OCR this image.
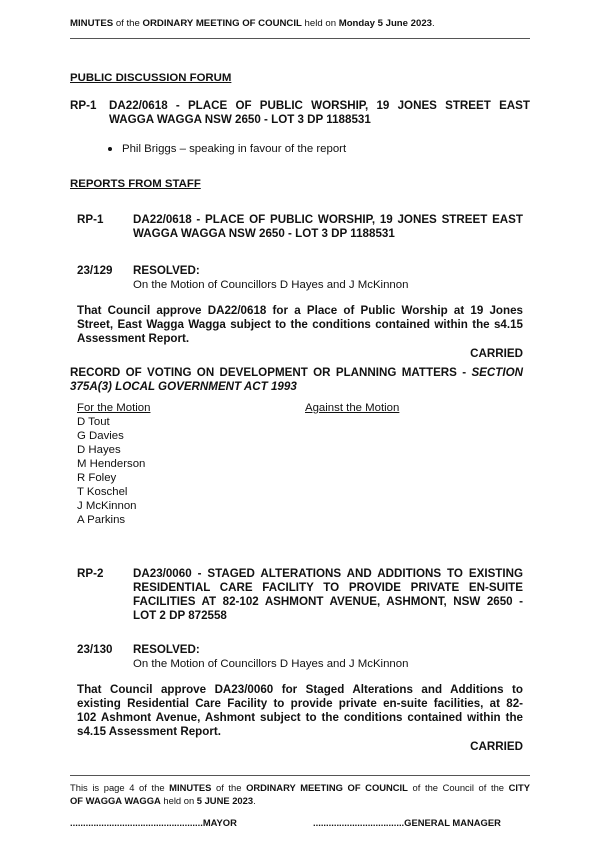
MINUTES of the ORDINARY MEETING OF COUNCIL held on Monday 5 June 2023.
PUBLIC DISCUSSION FORUM
RP-1 DA22/0618 - PLACE OF PUBLIC WORSHIP, 19 JONES STREET EAST
WAGGA WAGGA NSW 2650 - LOT 3 DP 1188531
Phil Briggs – speaking in favour of the report
REPORTS FROM STAFF
RP-1	DA22/0618 - PLACE OF PUBLIC WORSHIP, 19 JONES STREET EAST
WAGGA WAGGA NSW 2650 - LOT 3 DP 1188531
23/129 RESOLVED:
On the Motion of Councillors D Hayes and J McKinnon
That Council approve DA22/0618 for a Place of Public Worship at 19 Jones
Street, East Wagga Wagga subject to the conditions contained within the s4.15
Assessment Report.
CARRIED
RECORD OF VOTING ON DEVELOPMENT OR PLANNING MATTERS - SECTION
375A(3) LOCAL GOVERNMENT ACT 1993
For the Motion	Against the Motion
D Tout
G Davies
D Hayes
M Henderson
R Foley
T Koschel
J McKinnon
A Parkins
RP-2	DA23/0060 - STAGED ALTERATIONS AND ADDITIONS TO EXISTING
RESIDENTIAL CARE FACILITY TO PROVIDE PRIVATE EN-SUITE
FACILITIES AT 82-102 ASHMONT AVENUE, ASHMONT, NSW 2650 -
LOT 2 DP 872558
23/130 RESOLVED:
On the Motion of Councillors D Hayes and J McKinnon
That Council approve DA23/0060 for Staged Alterations and Additions to
existing Residential Care Facility to provide private en-suite facilities, at 82-
102 Ashmont Avenue, Ashmont subject to the conditions contained within the
s4.15 Assessment Report.
CARRIED
This is page 4 of the MINUTES of the ORDINARY MEETING OF COUNCIL of the Council of the CITY
OF WAGGA WAGGA held on 5 JUNE 2023.
...................................................MAYOR	...................................GENERAL MANAGER
